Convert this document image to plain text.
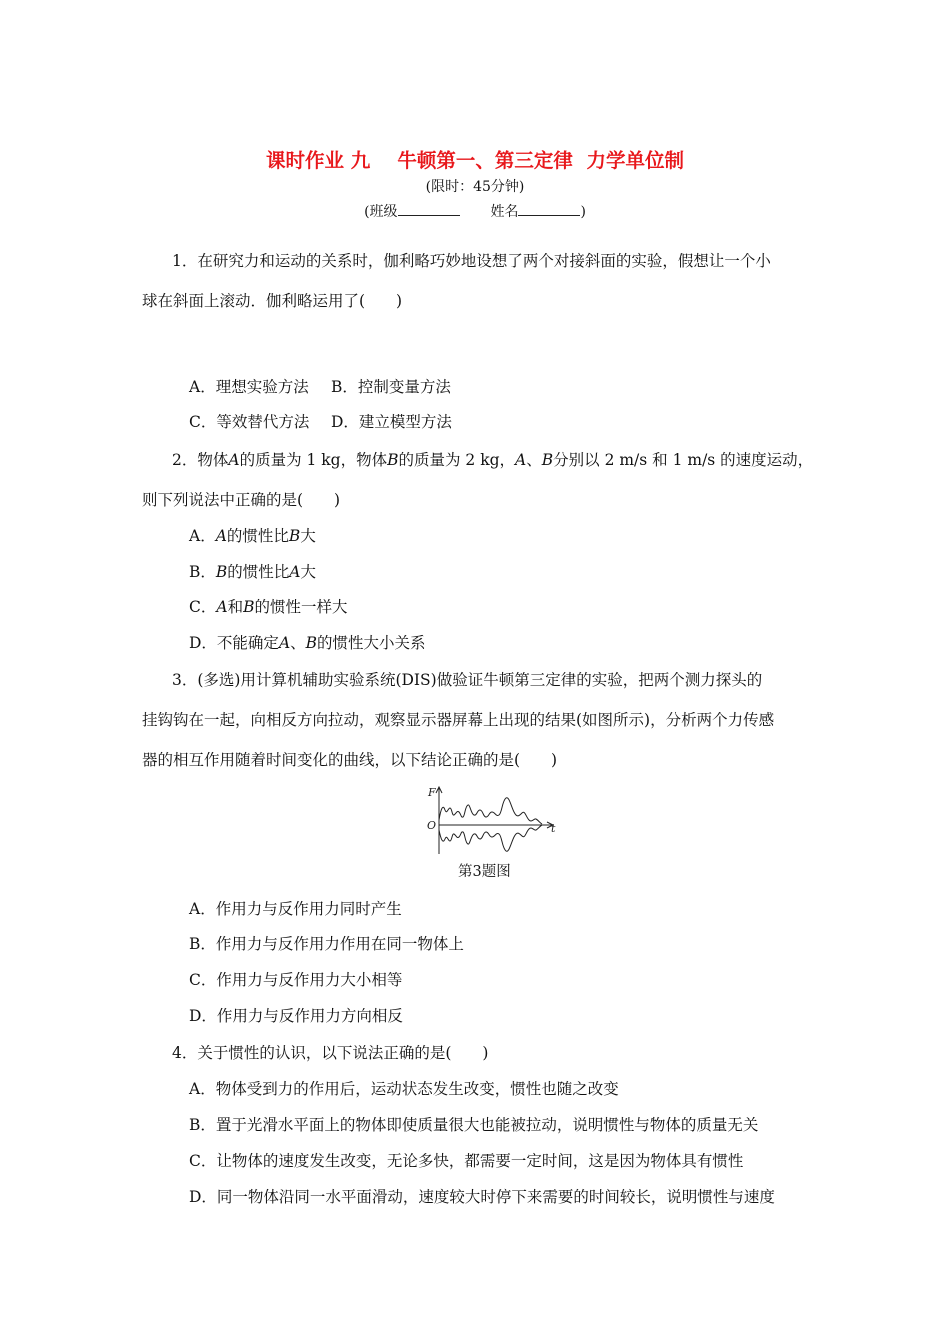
课时作业 九    牛顿第一、第三定律  力学单位制
(限时：45分钟)
(班级	姓名	)
1．在研究力和运动的关系时，伽利略巧妙地设想了两个对接斜面的实验，假想让一个小
球在斜面上滚动．伽利略运用了(　　)
A．理想实验方法 B．控制变量方法
C．等效替代方法 D．建立模型方法
2．物体A的质量为 1 kg，物体B的质量为 2 kg，A、B分别以 2 m/s 和 1 m/s 的速度运动，
则下列说法中正确的是(　　)
A．A的惯性比B大
B．B的惯性比A大
C．A和B的惯性一样大
D．不能确定A、B的惯性大小关系
3．(多选)用计算机辅助实验系统(DIS)做验证牛顿第三定律的实验，把两个测力探头的
挂钩钩在一起，向相反方向拉动，观察显示器屏幕上出现的结果(如图所示)，分析两个力传感
器的相互作用随着时间变化的曲线，以下结论正确的是(　　)
F
O	t
第3题图
A．作用力与反作用力同时产生
B．作用力与反作用力作用在同一物体上
C．作用力与反作用力大小相等
D．作用力与反作用力方向相反
4．关于惯性的认识，以下说法正确的是(　　)
A．物体受到力的作用后，运动状态发生改变，惯性也随之改变
B．置于光滑水平面上的物体即使质量很大也能被拉动，说明惯性与物体的质量无关
C．让物体的速度发生改变，无论多快，都需要一定时间，这是因为物体具有惯性
D．同一物体沿同一水平面滑动，速度较大时停下来需要的时间较长，说明惯性与速度
